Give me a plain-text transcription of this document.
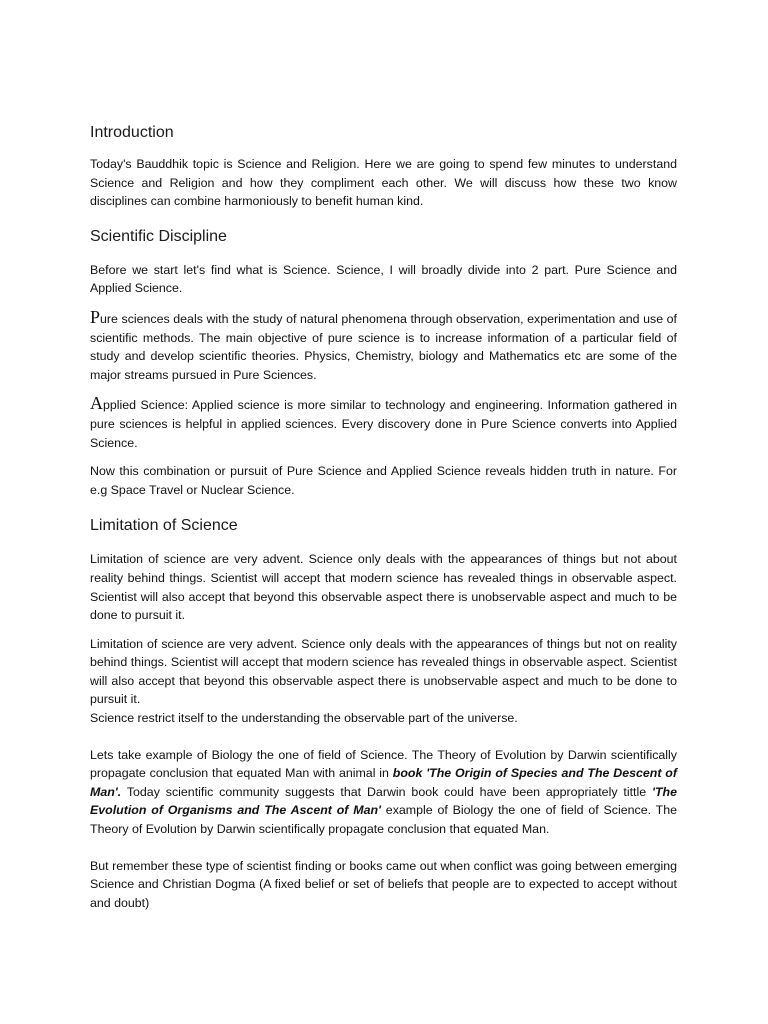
Introduction

Today's Bauddhik topic is Science and Religion. Here we are going to spend few minutes to understand Science and Religion and how they compliment each other. We will discuss how these two know disciplines can combine harmoniously to benefit human kind.

Scientific Discipline

Before we start let's find what is Science. Science, I will broadly divide into 2 part. Pure Science and Applied Science.

Pure sciences deals with the study of natural phenomena through observation, experimentation and use of scientific methods. The main objective of pure science is to increase information of a particular field of study and develop scientific theories. Physics, Chemistry, biology and Mathematics etc are some of the major streams pursued in Pure Sciences.

Applied Science: Applied science is more similar to technology and engineering. Information gathered in pure sciences is helpful in applied sciences. Every discovery done in Pure Science converts into Applied Science.

Now this combination or pursuit of Pure Science and Applied Science reveals hidden truth in nature. For e.g Space Travel or Nuclear Science.

Limitation of Science

Limitation of science are very advent. Science only deals with the appearances of things but not about reality behind things. Scientist will accept that modern science has revealed things in observable aspect. Scientist will also accept that beyond this observable aspect there is unobservable aspect and much to be done to pursuit it.

Limitation of science are very advent. Science only deals with the appearances of things but not on reality behind things. Scientist will accept that modern science has revealed things in observable aspect. Scientist will also accept that beyond this observable aspect there is unobservable aspect and much to be done to pursuit it.

Science restrict itself to the understanding the observable part of the universe.

Lets take example of Biology the one of field of Science. The Theory of Evolution by Darwin scientifically propagate conclusion that equated Man with animal in book 'The Origin of Species and The Descent of Man'. Today scientific community suggests that Darwin book could have been appropriately tittle 'The Evolution of Organisms and The Ascent of Man' example of Biology the one of field of Science. The Theory of Evolution by Darwin scientifically propagate conclusion that equated Man.

But remember these type of scientist finding or books came out when conflict was going between emerging Science and Christian Dogma (A fixed belief or set of beliefs that people are to expected to accept without and doubt)
